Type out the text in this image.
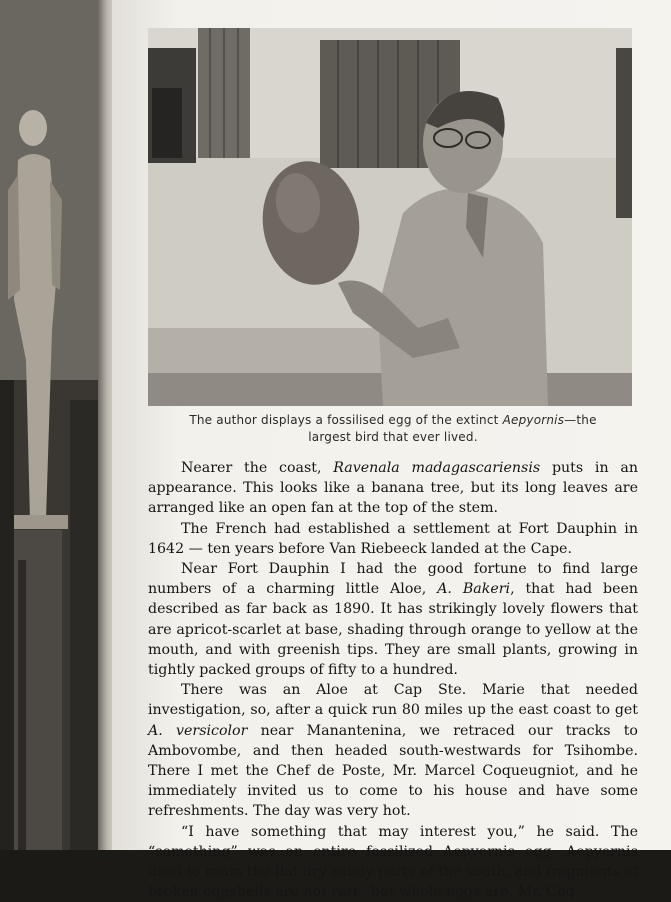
The author displays a fossilised egg of the extinct Aepyornis—the
largest bird that ever lived.

Nearer the coast, Ravenala madagascariensis puts in an appearance. This looks like a banana tree, but its long leaves are arranged like an open fan at the top of the stem.

The French had established a settlement at Fort Dauphin in 1642 — ten years before Van Riebeeck landed at the Cape.

Near Fort Dauphin I had the good fortune to find large numbers of a charming little Aloe, A. Bakeri, that had been described as far back as 1890. It has strikingly lovely flowers that are apricot-scarlet at base, shading through orange to yellow at the mouth, and with greenish tips. They are small plants, growing in tightly packed groups of fifty to a hundred.

There was an Aloe at Cap Ste. Marie that needed investigation, so, after a quick run 80 miles up the east coast to get A. versicolor near Manantenina, we retraced our tracks to Ambovombe, and then headed south-westwards for Tsihombe. There I met the Chef de Poste, Mr. Marcel Coqueugniot, and he immediately invited us to come to his house and have some refreshments. The day was very hot.

“I have something that may interest you,” he said. The “something” was an entire fossilized Aepyornis egg. Aepyornis used to roam the flat dry sandy parts of the south, and fragments of broken eggshells are not rare, but whole eggs are. Mr. Coq
